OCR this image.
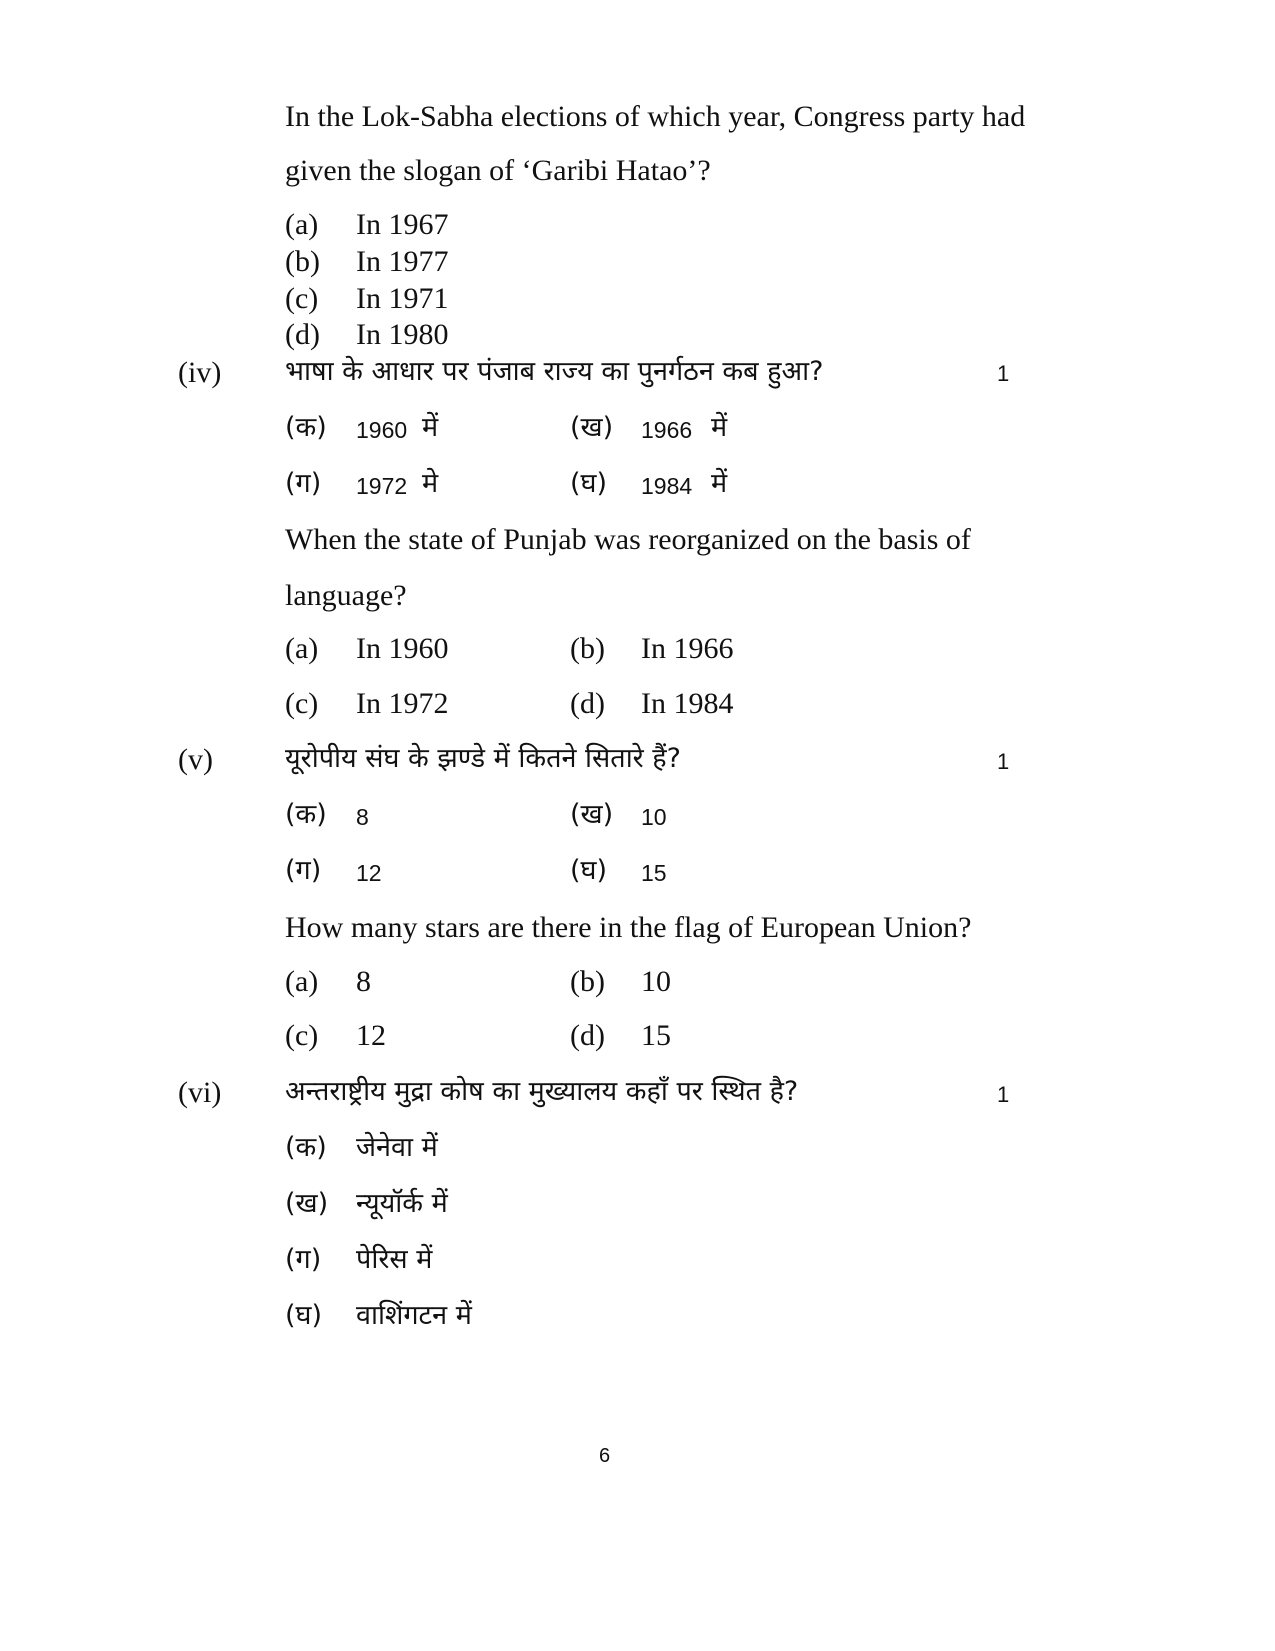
In the Lok-Sabha elections of which year, Congress party had
given the slogan of ‘Garibi Hatao’?
(a) In 1967
(b) In 1977
(c) In 1971
(d) In 1980
(iv) भाषा के आधार पर पंजाब राज्य का पुनर्गठन कब हुआ?	1
(क) 1960 में	(ख) 1966 में
(ग) 1972 मे	(घ) 1984 में
When the state of Punjab was reorganized on the basis of
language?
(a) In 1960	(b) In 1966
(c) In 1972	(d) In 1984
(v)	यूरोपीय संघ के झण्डे में कितने सितारे हैं?	1
(क) 8	(ख) 10
(ग) 12	(घ) 15
How many stars are there in the flag of European Union?
(a) 8	(b) 10
(c) 12	(d) 15
(vi) अन्तराष्ट्रीय मुद्रा कोष का मुख्यालय कहाँ पर स्थित है?	1
(क) जेनेवा में
(ख) न्यूयॉर्क में
(ग) पेरिस में
(घ) वाशिंगटन में
6
